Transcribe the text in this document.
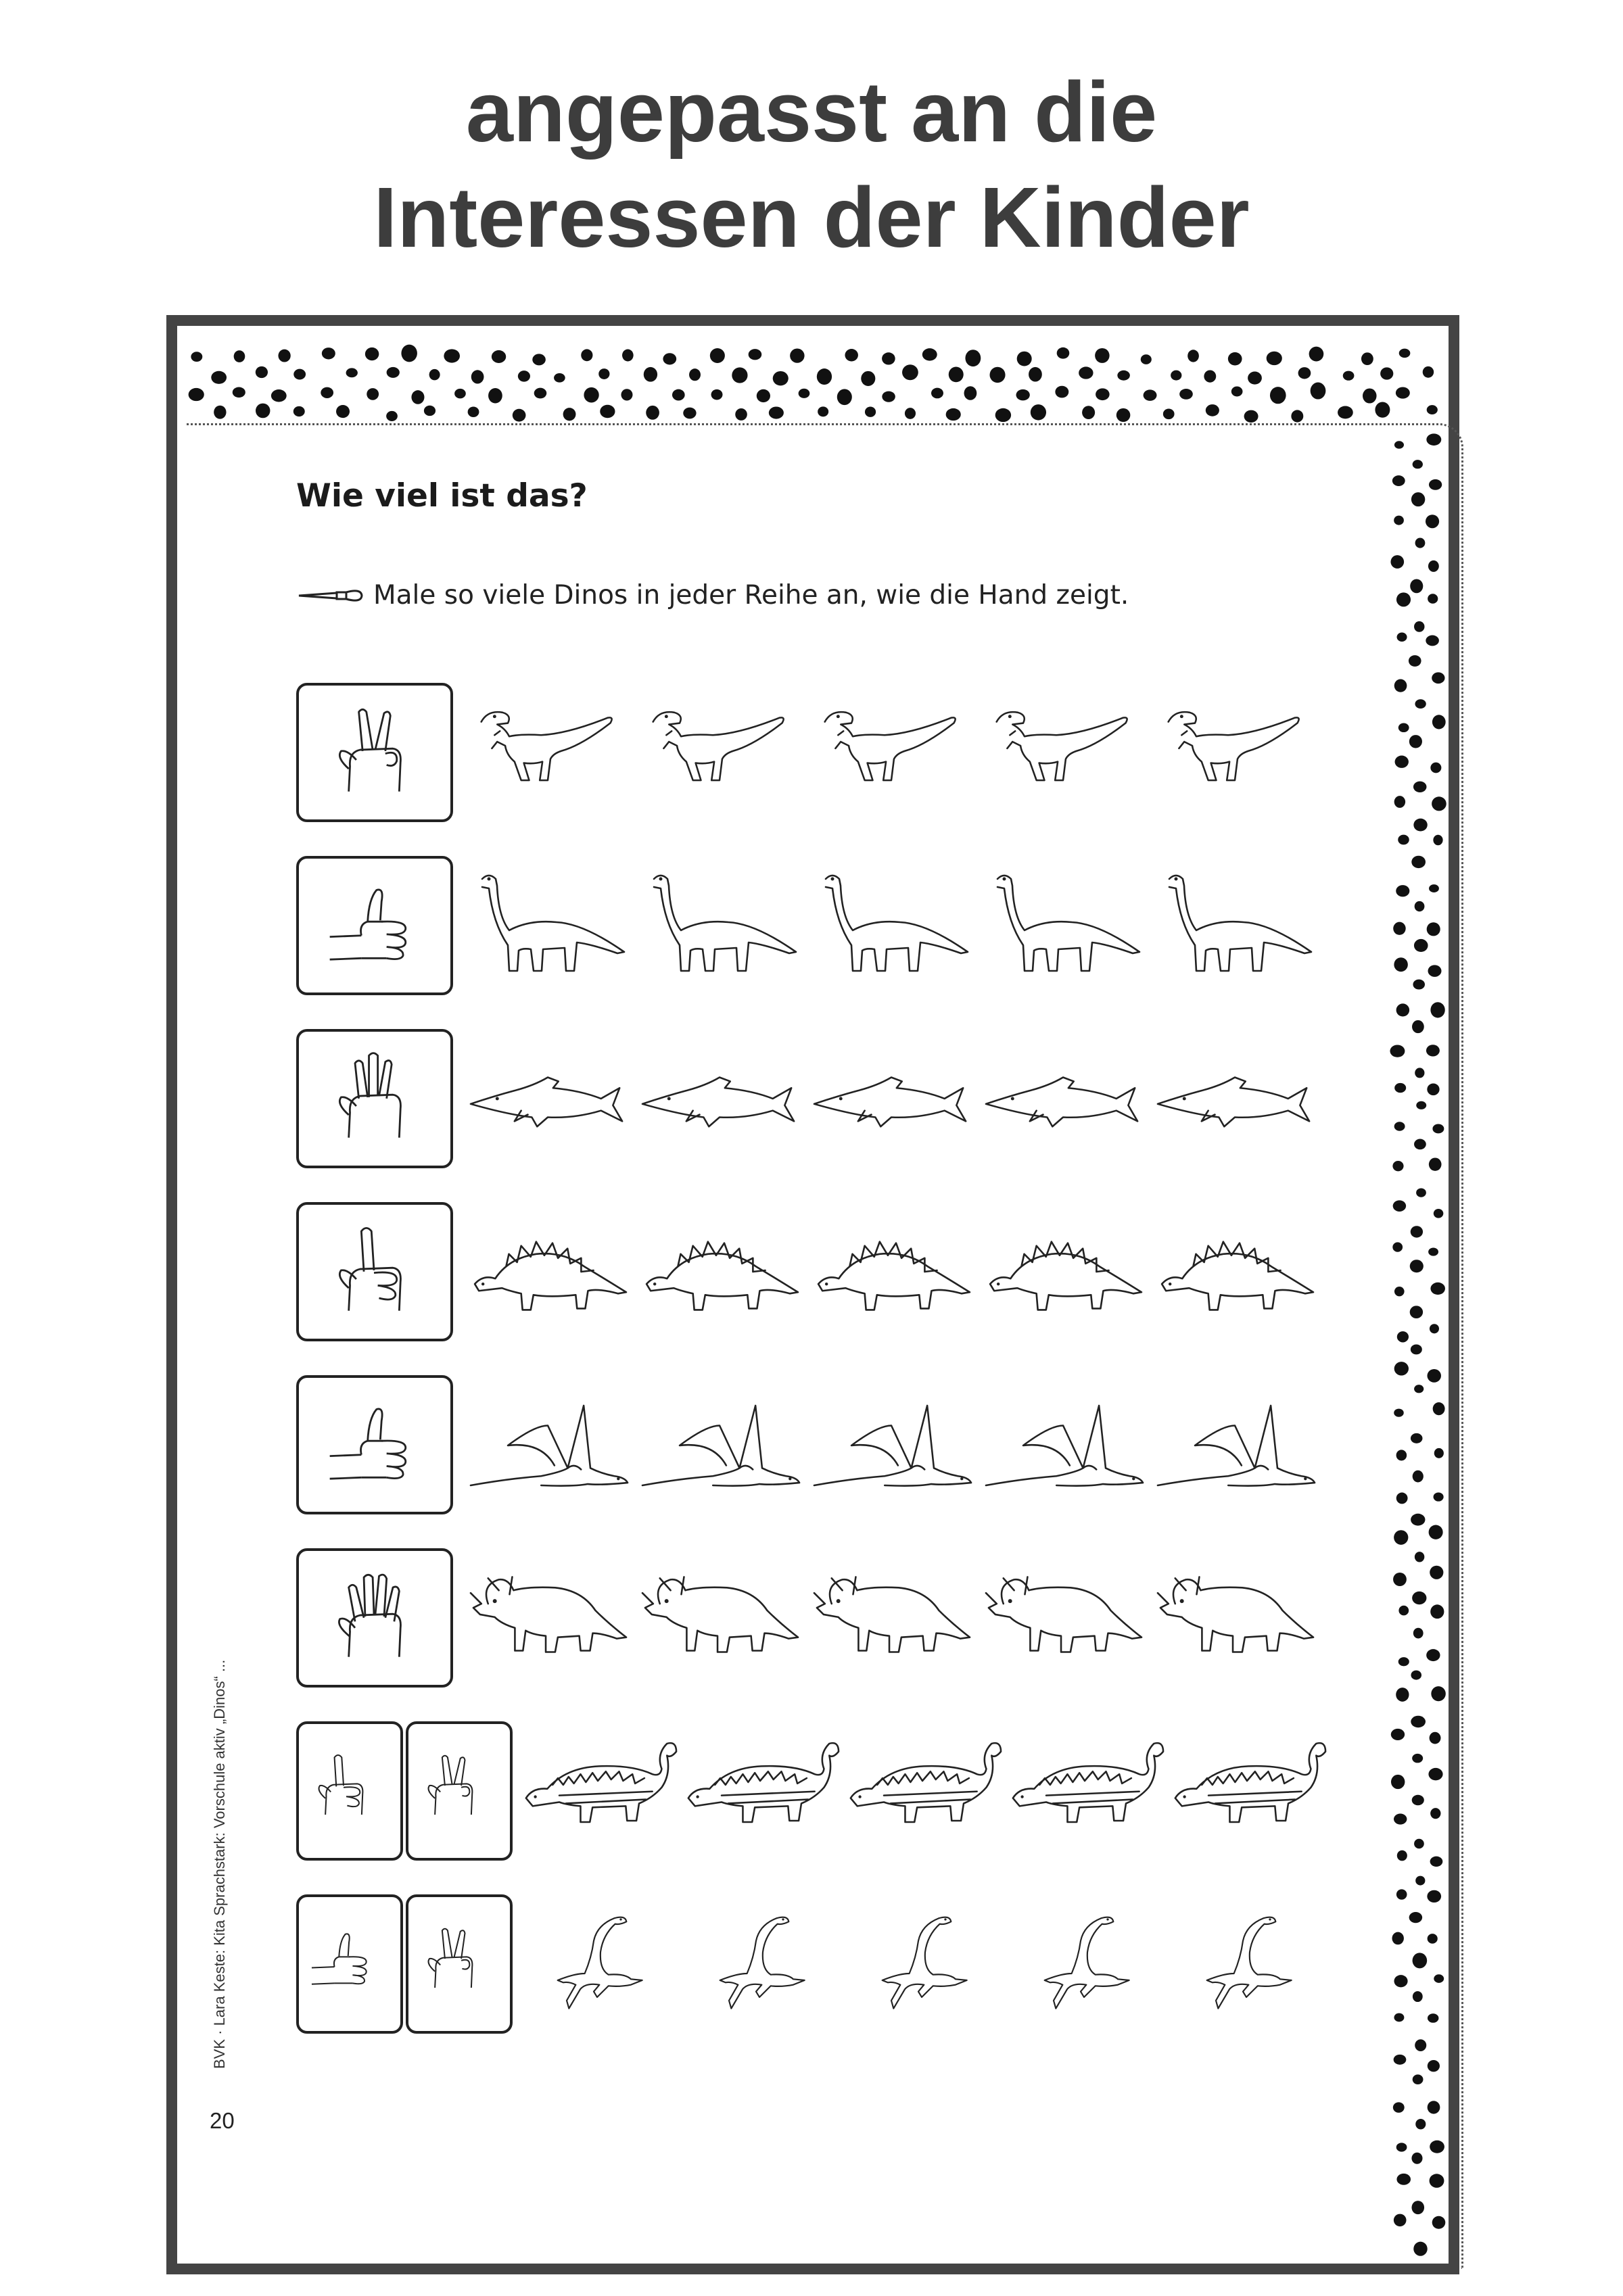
angepasst an die
Interessen der Kinder
Wie viel ist das?
Male so viele Dinos in jeder Reihe an, wie die Hand zeigt.
BVK · Lara Keste: Kita Sprachstark: Vorschule aktiv „Dinos“ ...
20
